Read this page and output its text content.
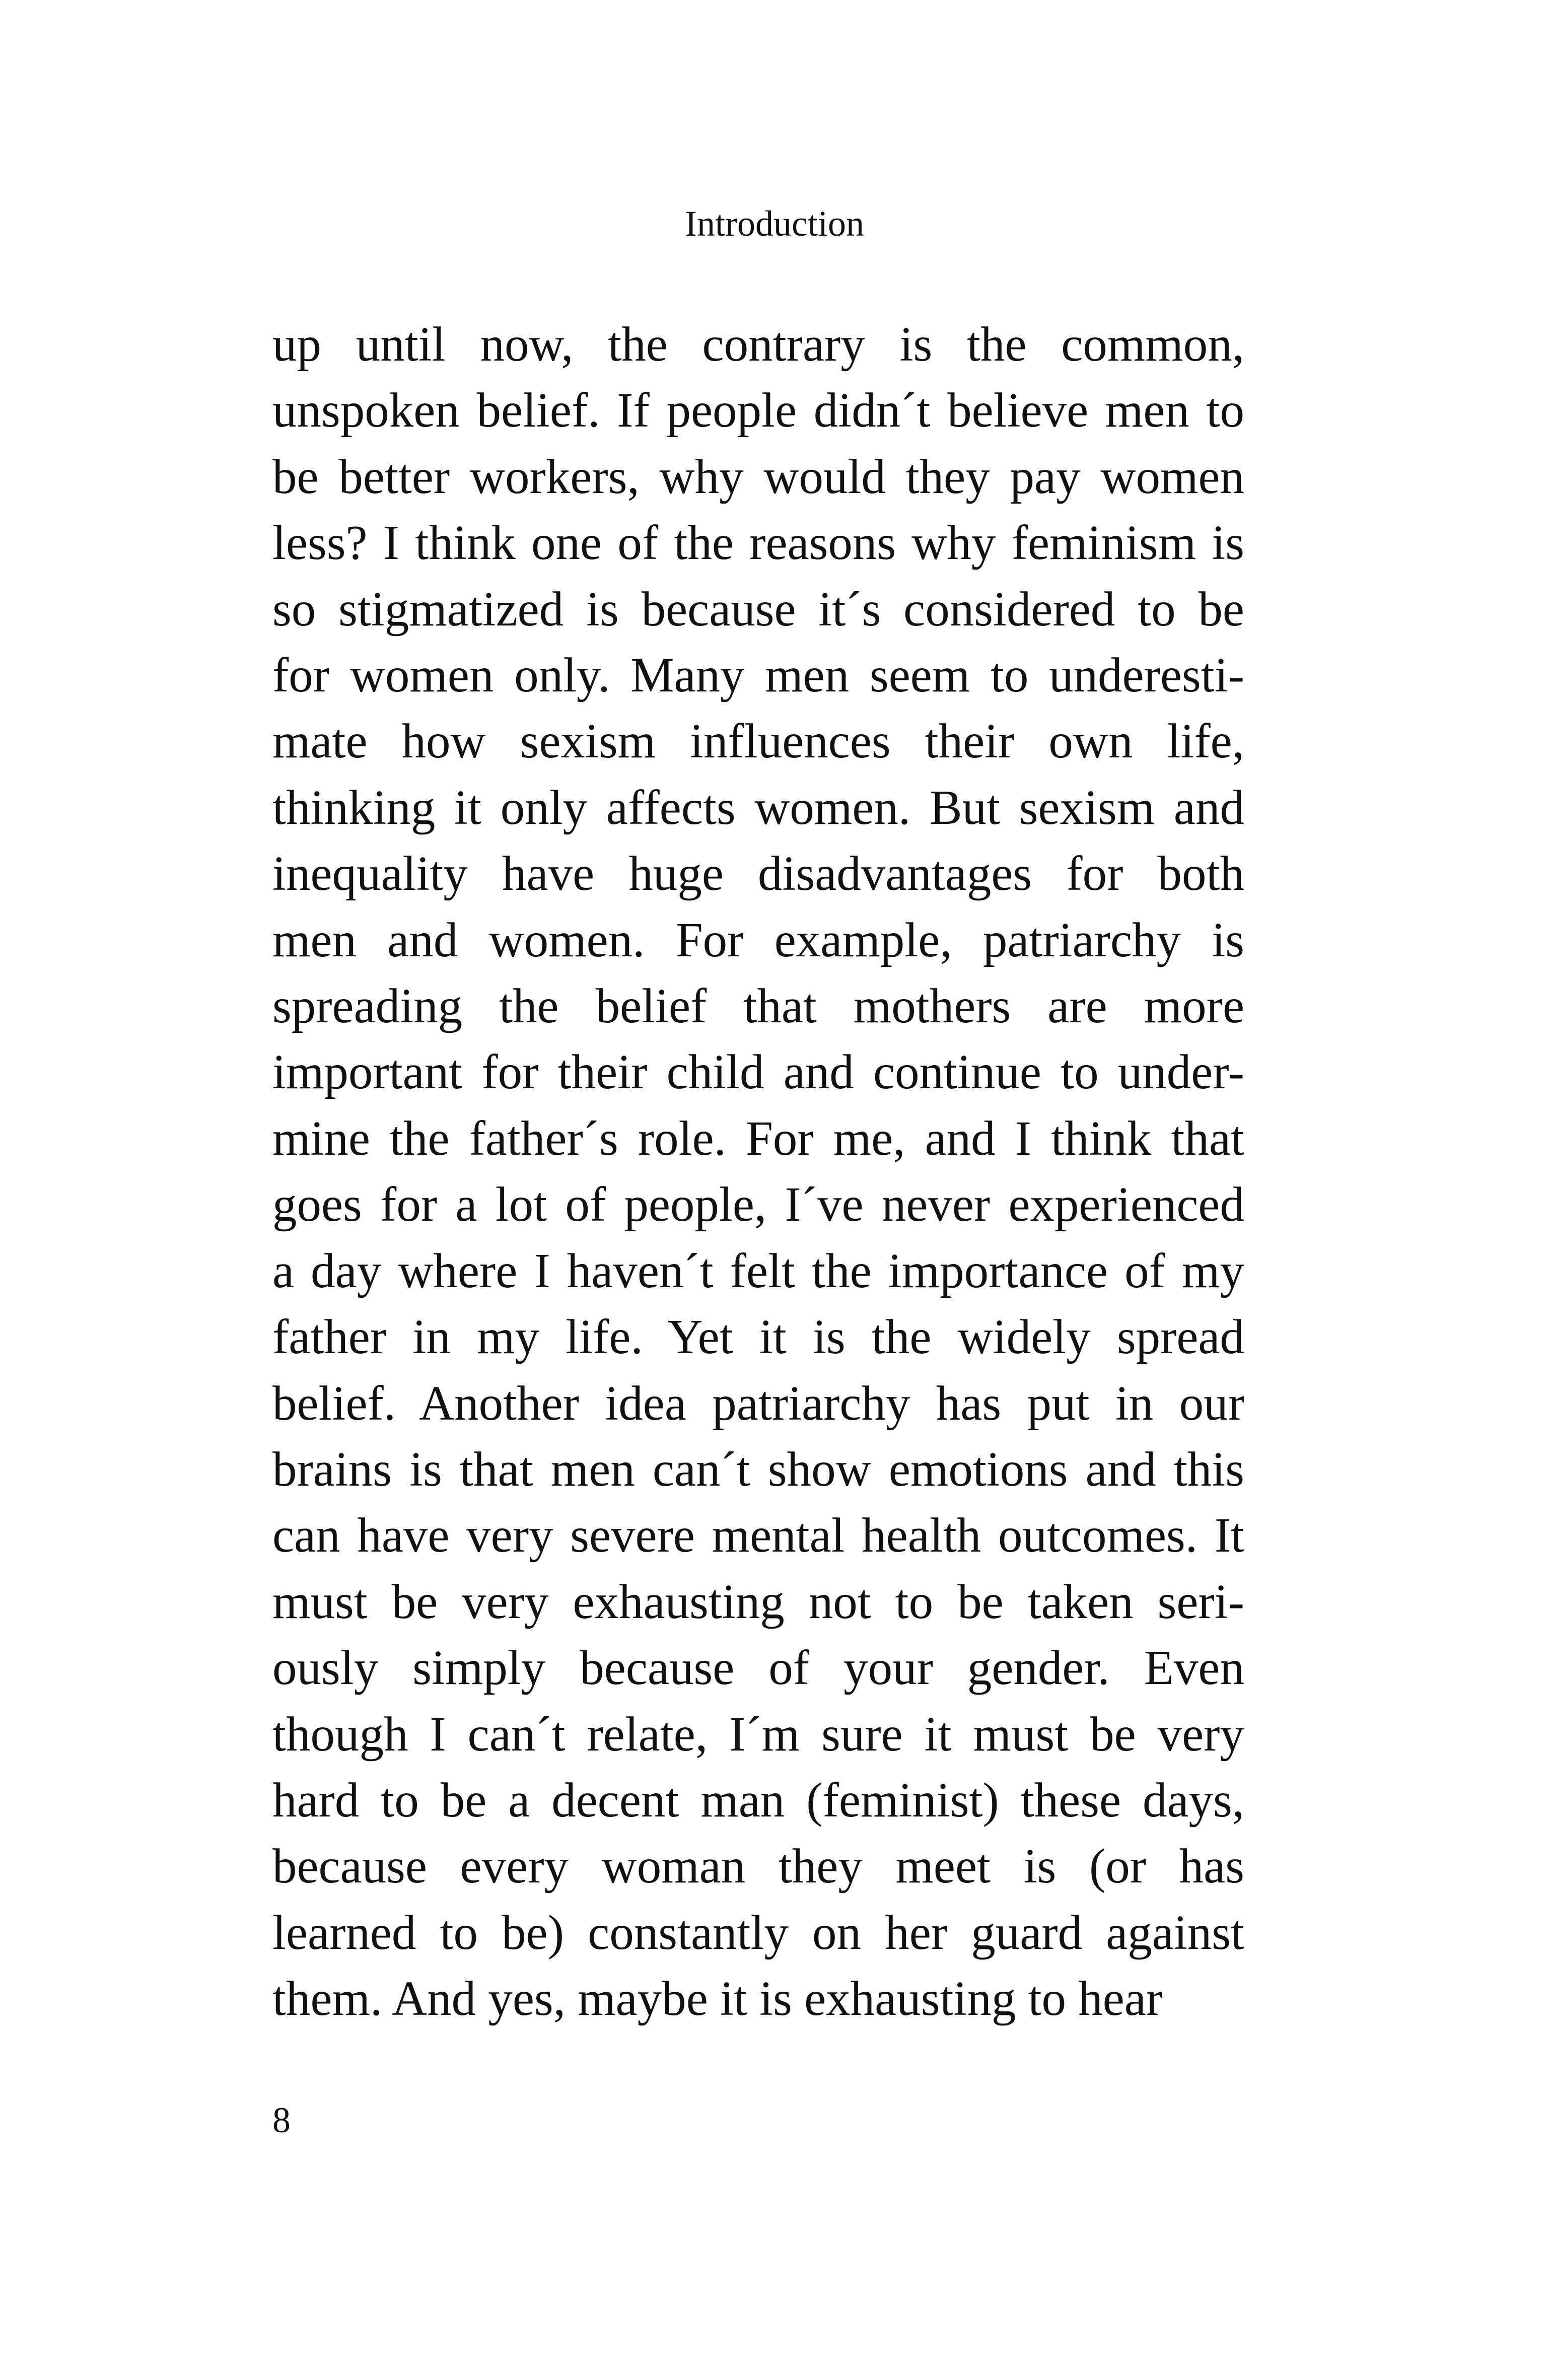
Introduction
up until now, the contrary is the common,
unspoken belief. If people didn´t believe men to
be better workers, why would they pay women
less? I think one of the reasons why feminism is
so stigmatized is because it´s considered to be
for women only. Many men seem to underesti-
mate how sexism influences their own life,
thinking it only affects women. But sexism and
inequality have huge disadvantages for both
men and women. For example, patriarchy is
spreading the belief that mothers are more
important for their child and continue to under-
mine the father´s role. For me, and I think that
goes for a lot of people, I´ve never experienced
a day where I haven´t felt the importance of my
father in my life. Yet it is the widely spread
belief. Another idea patriarchy has put in our
brains is that men can´t show emotions and this
can have very severe mental health outcomes. It
must be very exhausting not to be taken seri-
ously simply because of your gender. Even
though I can´t relate, I´m sure it must be very
hard to be a decent man (feminist) these days,
because every woman they meet is (or has
learned to be) constantly on her guard against
them. And yes, maybe it is exhausting to hear
8
